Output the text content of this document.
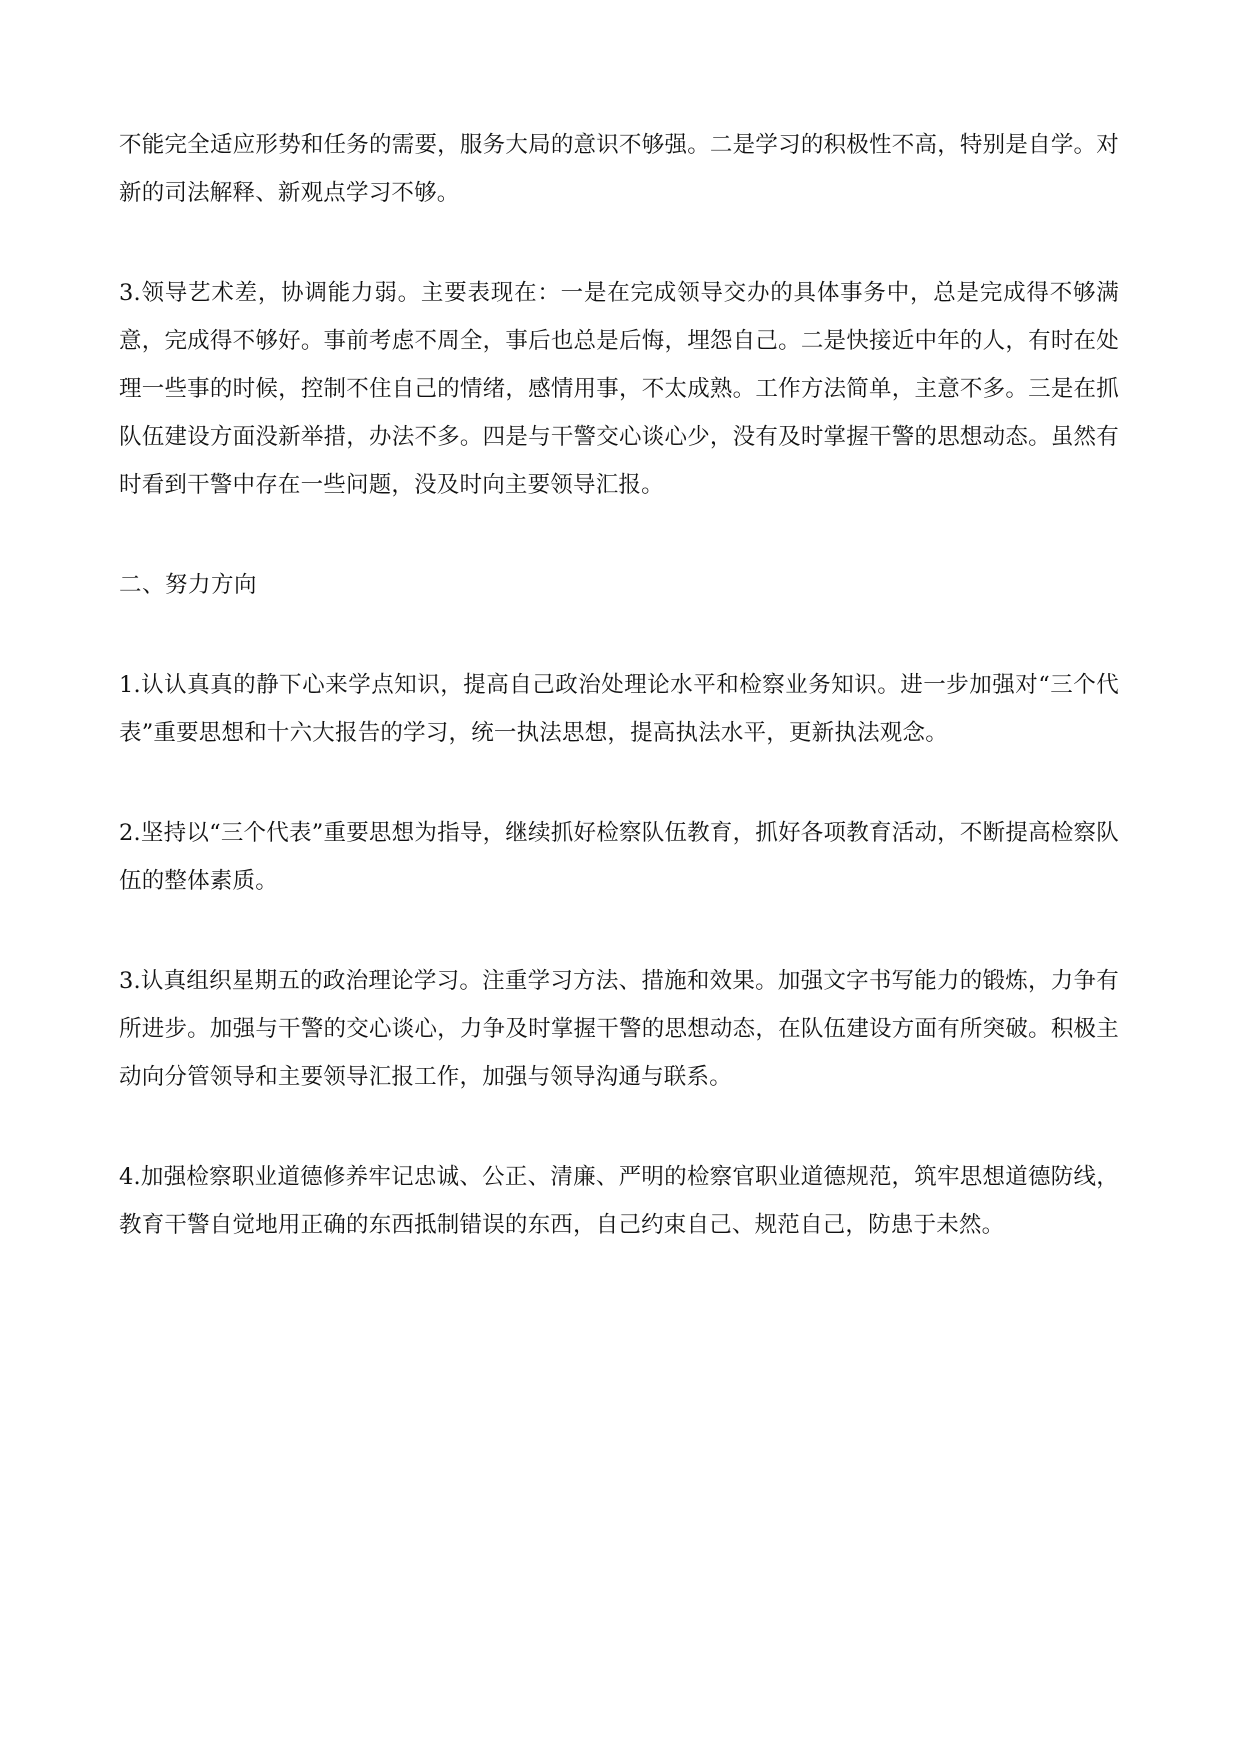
不能完全适应形势和任务的需要，服务大局的意识不够强。二是学习的积极性不高，特别是自学。对新的司法解释、新观点学习不够。

3.领导艺术差，协调能力弱。主要表现在：一是在完成领导交办的具体事务中，总是完成得不够满意，完成得不够好。事前考虑不周全，事后也总是后悔，埋怨自己。二是快接近中年的人，有时在处理一些事的时候，控制不住自己的情绪，感情用事，不太成熟。工作方法简单，主意不多。三是在抓队伍建设方面没新举措，办法不多。四是与干警交心谈心少，没有及时掌握干警的思想动态。虽然有时看到干警中存在一些问题，没及时向主要领导汇报。

二、努力方向

1.认认真真的静下心来学点知识，提高自己政治处理论水平和检察业务知识。进一步加强对“三个代表”重要思想和十六大报告的学习，统一执法思想，提高执法水平，更新执法观念。

2.坚持以“三个代表”重要思想为指导，继续抓好检察队伍教育，抓好各项教育活动，不断提高检察队伍的整体素质。

3.认真组织星期五的政治理论学习。注重学习方法、措施和效果。加强文字书写能力的锻炼，力争有所进步。加强与干警的交心谈心，力争及时掌握干警的思想动态，在队伍建设方面有所突破。积极主动向分管领导和主要领导汇报工作，加强与领导沟通与联系。

4.加强检察职业道德修养牢记忠诚、公正、清廉、严明的检察官职业道德规范，筑牢思想道德防线，教育干警自觉地用正确的东西抵制错误的东西，自己约束自己、规范自己，防患于未然。
